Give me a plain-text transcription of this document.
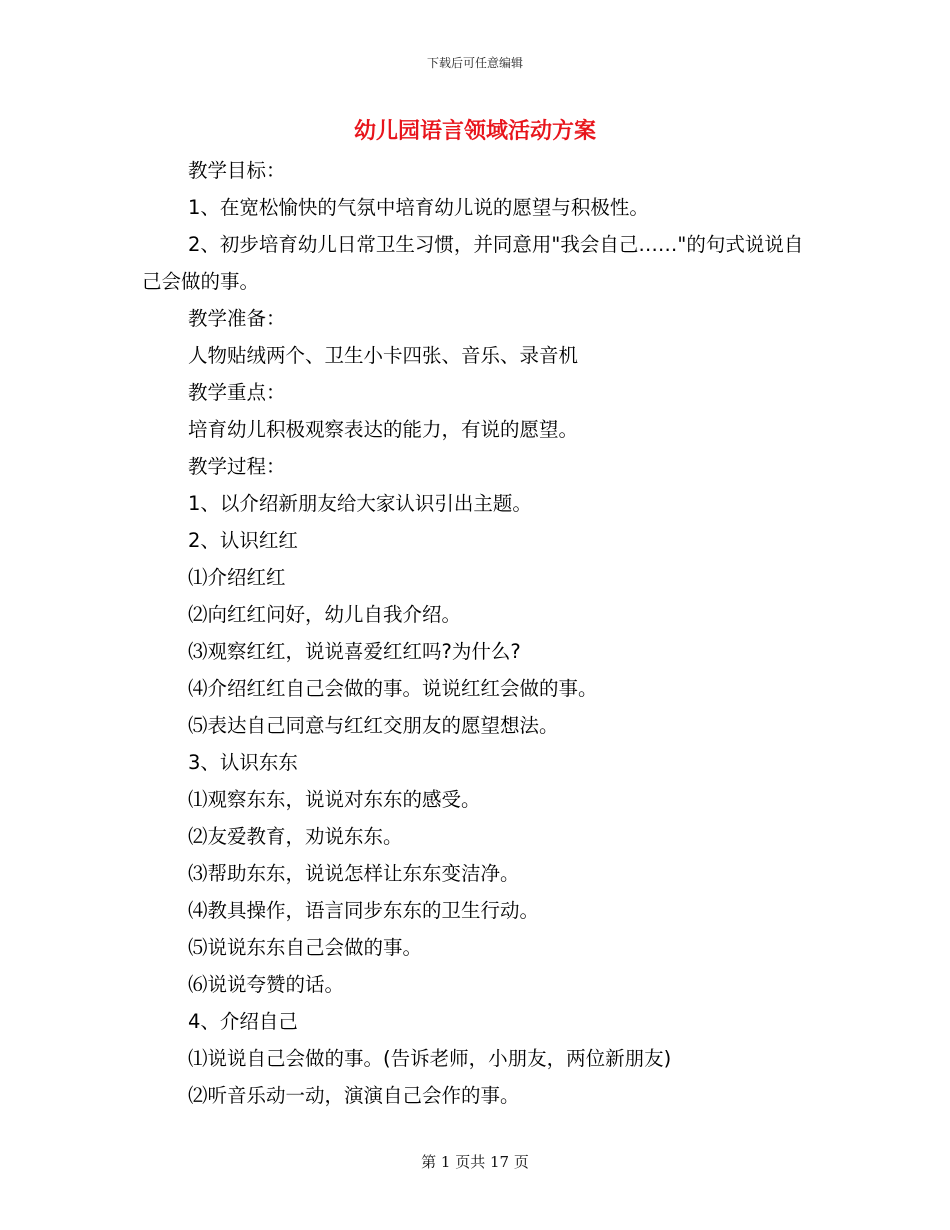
下载后可任意编辑
幼儿园语言领域活动方案

教学目标：

1、在宽松愉快的气氛中培育幼儿说的愿望与积极性。

2、初步培育幼儿日常卫生习惯，并同意用"我会自己……"的句式说说自己会做的事。

教学准备：

人物贴绒两个、卫生小卡四张、音乐、录音机

教学重点：

培育幼儿积极观察表达的能力，有说的愿望。

教学过程：

1、以介绍新朋友给大家认识引出主题。

2、认识红红

⑴介绍红红

⑵向红红问好，幼儿自我介绍。

⑶观察红红，说说喜爱红红吗?为什么?

⑷介绍红红自己会做的事。说说红红会做的事。

⑸表达自己同意与红红交朋友的愿望想法。

3、认识东东

⑴观察东东，说说对东东的感受。

⑵友爱教育，劝说东东。

⑶帮助东东，说说怎样让东东变洁净。

⑷教具操作，语言同步东东的卫生行动。

⑸说说东东自己会做的事。

⑹说说夸赞的话。

4、介绍自己

⑴说说自己会做的事。(告诉老师，小朋友，两位新朋友)

⑵听音乐动一动，演演自己会作的事。

第 1 页共 17 页
